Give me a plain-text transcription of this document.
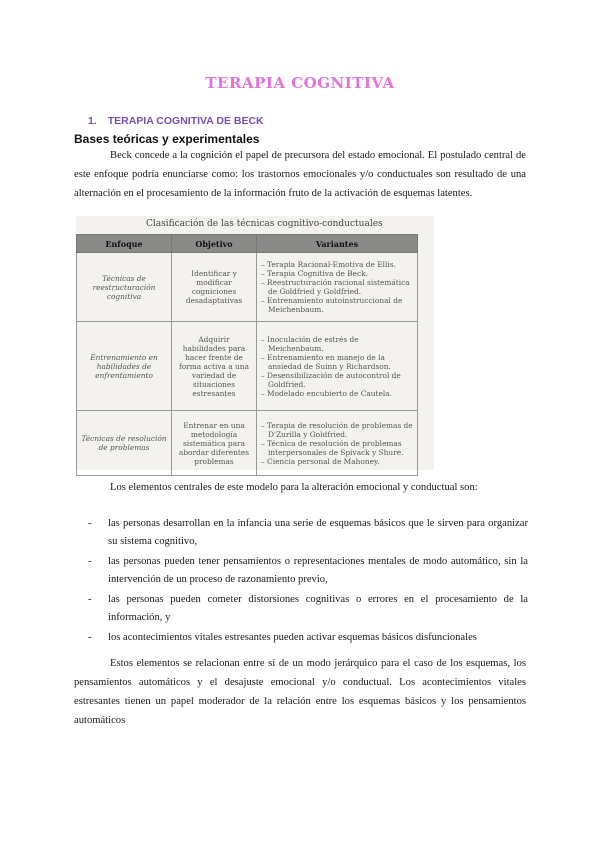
TERAPIA COGNITIVA
1. TERAPIA COGNITIVA DE BECK
Bases teóricas y experimentales
Beck concede a la cognición el papel de precursora del estado emocional. El postulado central de este enfoque podría enunciarse como: los trastornos emocionales y/o conductuales son resultado de una alternación en el procesamiento de la información fruto de la activación de esquemas latentes.
Clasificación de las técnicas cognitivo-conductuales
Enfoque	Objetivo	Variantes
Técnicas de reestructuración cognitiva	Identificar y modificar cogniciones desadaptativas	– Terapia Racional-Emotiva de Ellis.
– Terapia Cognitiva de Beck.
– Reestructuración racional sistemática de Goldfried y Goldfried.
– Entrenamiento autoinstruccional de Meichenbaum.

Entrenamiento en habilidades de enfrentamiento	Adquirir habilidades para hacer frente de forma activa a una variedad de situaciones estresantes	– Inoculación de estrés de Meichenbaum.
– Entrenamiento en manejo de la ansiedad de Suinn y Richardson.
– Desensibilización de autocontrol de Goldfried.
– Modelado encubierto de Cautela.

Técnicas de resolución de problemas	Entrenar en una metodología sistemática para abordar diferentes problemas	– Terapia de resolución de problemas de D'Zurilla y Goldfried.
– Técnica de resolución de problemas interpersonales de Spivack y Shure.
– Ciencia personal de Mahoney.
Los elementos centrales de este modelo para la alteración emocional y conductual son:
- las personas desarrollan en la infancia una serie de esquemas básicos que le sirven para organizar su sistema cognitivo,
- las personas pueden tener pensamientos o representaciones mentales de modo automático, sin la intervención de un proceso de razonamiento previo,
- las personas pueden cometer distorsiones cognitivas o errores en el procesamiento de la información, y
- los acontecimientos vitales estresantes pueden activar esquemas básicos disfuncionales
Estos elementos se relacionan entre sí de un modo jerárquico para el caso de los esquemas, los pensamientos automáticos y el desajuste emocional y/o conductual. Los acontecimientos vitales estresantes tienen un papel moderador de la relación entre los esquemas básicos y los pensamientos automáticos
